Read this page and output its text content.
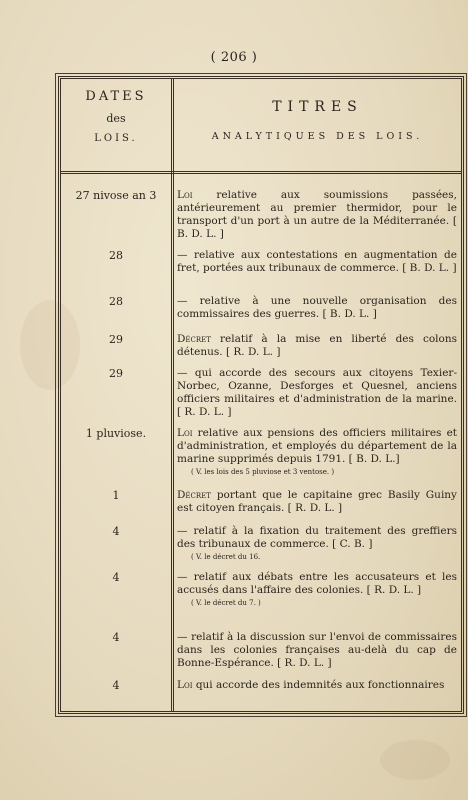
( 206 )
DATES
des
LOIS.
TITRES
ANALYTIQUES DES LOIS.
27 nivose an 3	Loi relative aux soumissions passées, antérieurement au premier thermidor, pour le transport d'un port à un autre de la Méditerranée. [ B. D. L. ]
28	— relative aux contestations en augmentation de fret, portées aux tribunaux de commerce. [ B. D. L. ]
28	— relative à une nouvelle organisation des commissaires des guerres. [ B. D. L. ]
29	Décret relatif à la mise en liberté des colons détenus. [ R. D. L. ]
29	— qui accorde des secours aux citoyens Texier-Norbec, Ozanne, Desforges et Quesnel, anciens officiers militaires et d'administration de la marine. [ R. D. L. ]
1 pluviose.	Loi relative aux pensions des officiers militaires et d'administration, et employés du département de la marine supprimés depuis 1791. [ B. D. L.]
( V. les lois des 5 pluviose et 3 ventose. )
1	Décret portant que le capitaine grec Basily Guiny est citoyen français. [ R. D. L. ]
4	— relatif à la fixation du traitement des greffiers des tribunaux de commerce. [ C. B. ]
( V. le décret du 16.
4	— relatif aux débats entre les accusateurs et les accusés dans l'affaire des colonies. [ R. D. L. ]
( V. le décret du 7. )
4	— relatif à la discussion sur l'envoi de commissaires dans les colonies françaises au-delà du cap de Bonne-Espérance. [ R. D. L. ]
4	Loi qui accorde des indemnités aux fonctionnaires
